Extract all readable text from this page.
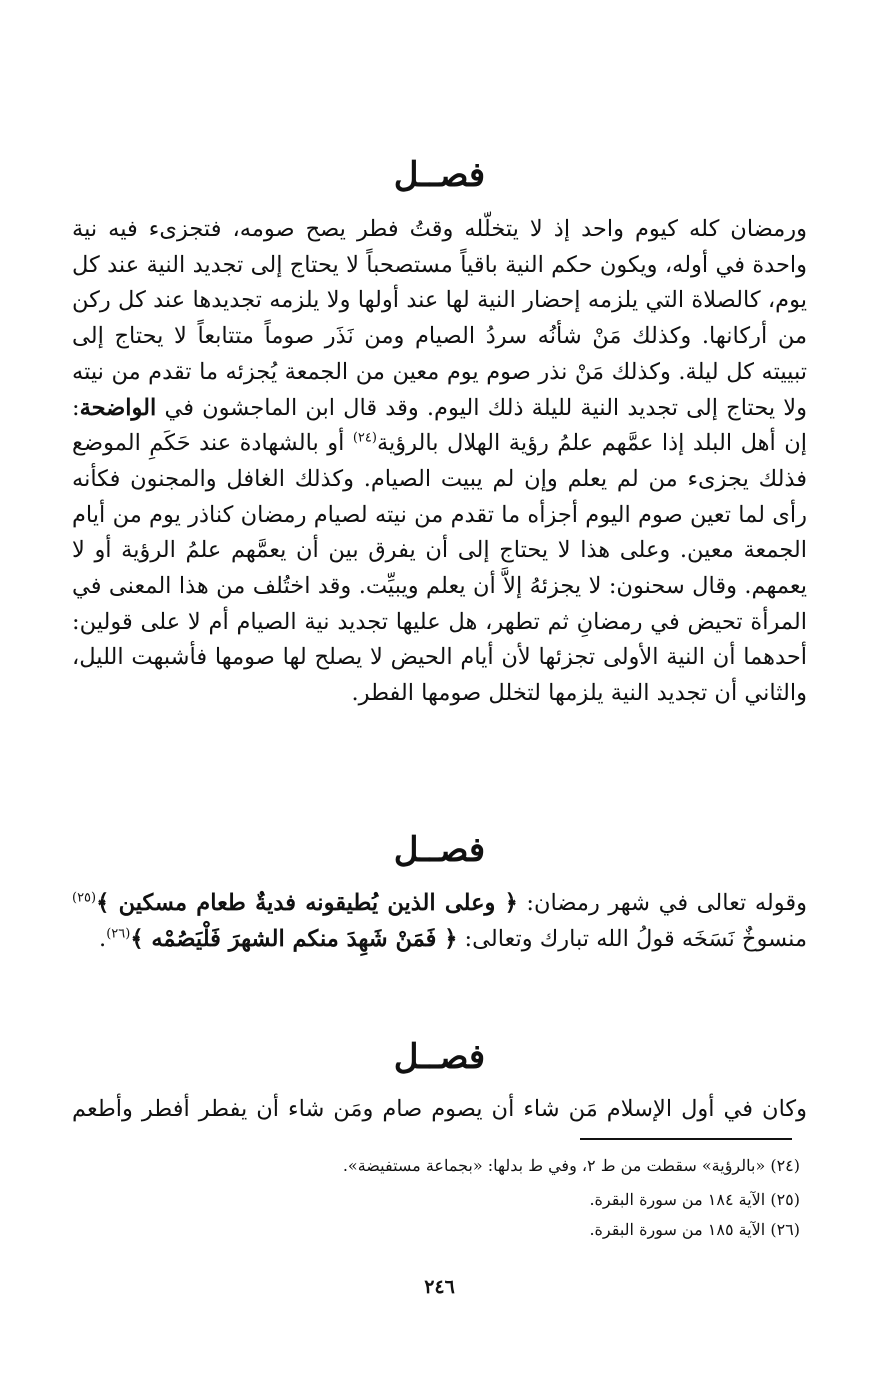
فصــل

ورمضان كله كيوم واحد إذ لا يتخلّله وقتُ فطر يصح صومه، فتجزىء فيه نية واحدة في أوله، ويكون حكم النية باقياً مستصحباً لا يحتاج إلى تجديد النية عند كل يوم، كالصلاة التي يلزمه إحضار النية لها عند أولها ولا يلزمه تجديدها عند كل ركن من أركانها. وكذلك مَنْ شأنُه سردُ الصيام ومن نَذَر صوماً متتابعاً لا يحتاج إلى تبييته كل ليلة. وكذلك مَنْ نذر صوم يوم معين من الجمعة يُجزئه ما تقدم من نيته ولا يحتاج إلى تجديد النية لليلة ذلك اليوم. وقد قال ابن الماجشون في الواضحة: إن أهل البلد إذا عمَّهم علمُ رؤية الهلال بالرؤية$^{(٢٤)}$ أو بالشهادة عند حَكَمِ الموضع فذلك يجزىء من لم يعلم وإن لم يبيت الصيام. وكذلك الغافل والمجنون فكأنه رأى لما تعين صوم اليوم أجزأه ما تقدم من نيته لصيام رمضان كناذر يوم من أيام الجمعة معين. وعلى هذا لا يحتاج إلى أن يفرق بين أن يعمَّهم علمُ الرؤية أو لا يعمهم. وقال سحنون: لا يجزئهُ إلاَّ أن يعلم ويبيِّت. وقد اختُلف من هذا المعنى في المرأة تحيض في رمضانِ ثم تطهر، هل عليها تجديد نية الصيام أم لا على قولين: أحدهما أن النية الأولى تجزئها لأن أيام الحيض لا يصلح لها صومها فأشبهت الليل، والثاني أن تجديد النية يلزمها لتخلل صومها الفطر.

فصــل

وقوله تعالى في شهر رمضان: ﴿ وعلى الذين يُطيقونه فديةٌ طعام مسكين ﴾$^{(٢٥)}$ منسوخٌ نَسَخَه قولُ الله تبارك وتعالى: ﴿ فَمَنْ شَهِدَ منكم الشهرَ فَلْيَصُمْه ﴾$^{(٢٦)}$.

فصــل

وكان في أول الإسلام مَن شاء أن يصوم صام ومَن شاء أن يفطر أفطر وأطعم

(٢٤) «بالرؤية» سقطت من ط ٢، وفي ط بدلها: «بجماعة مستفيضة».

(٢٥) الآية ١٨٤ من سورة البقرة.

(٢٦) الآية ١٨٥ من سورة البقرة.

٢٤٦
